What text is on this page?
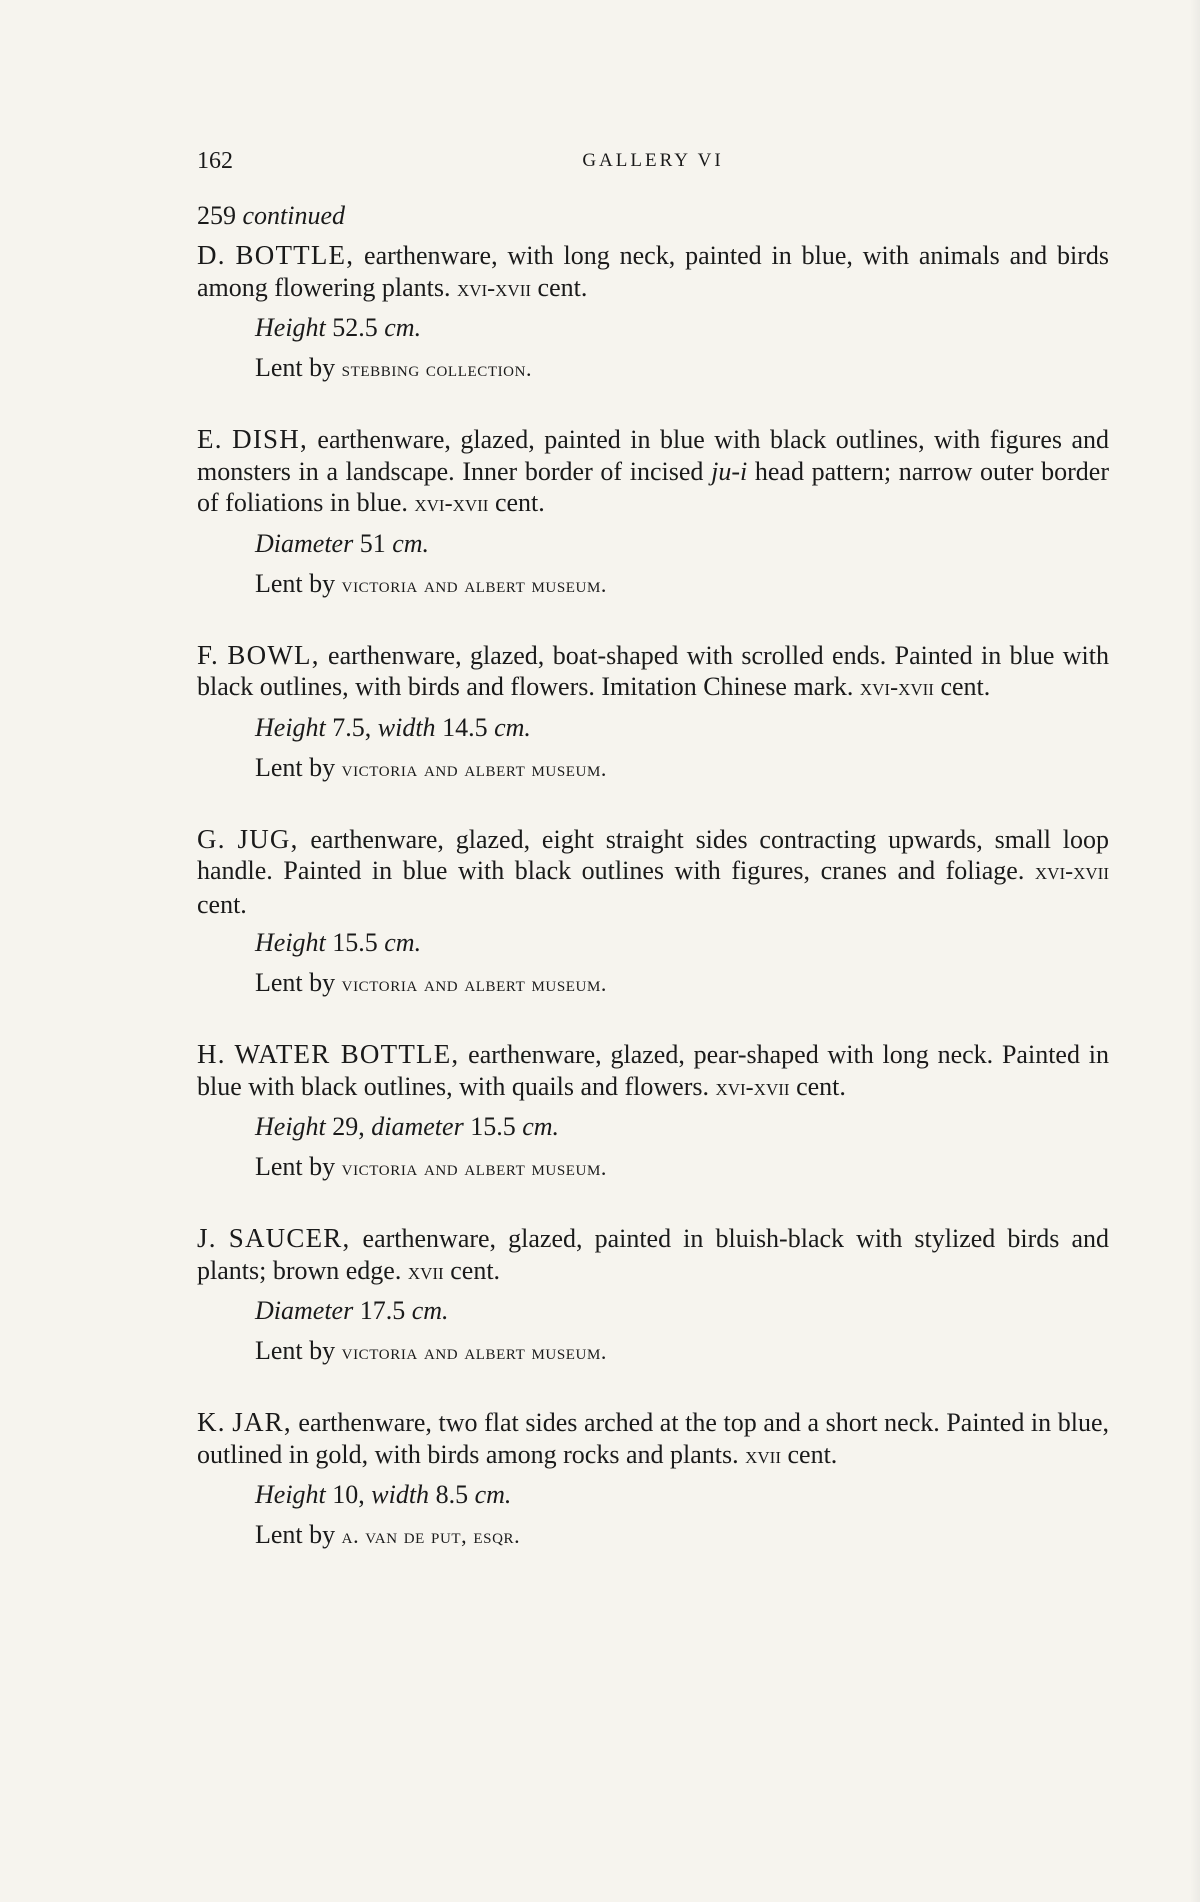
162	GALLERY VI
259 continued

D. BOTTLE, earthenware, with long neck, painted in blue, with animals and birds among flowering plants. xvi-xvii cent.

Height 52.5 cm.
Lent by stebbing collection.

E. DISH, earthenware, glazed, painted in blue with black outlines, with figures and monsters in a landscape. Inner border of incised ju-i head pattern; narrow outer border of foliations in blue. xvi-xvii cent.

Diameter 51 cm.
Lent by victoria and albert museum.

F. BOWL, earthenware, glazed, boat-shaped with scrolled ends. Painted in blue with black outlines, with birds and flowers. Imitation Chinese mark. xvi-xvii cent.

Height 7.5, width 14.5 cm.
Lent by victoria and albert museum.

G. JUG, earthenware, glazed, eight straight sides contracting upwards, small loop handle. Painted in blue with black outlines with figures, cranes and foliage. xvi-xvii cent.

Height 15.5 cm.
Lent by victoria and albert museum.

H. WATER BOTTLE, earthenware, glazed, pear-shaped with long neck. Painted in blue with black outlines, with quails and flowers. xvi-xvii cent.

Height 29, diameter 15.5 cm.
Lent by victoria and albert museum.

J. SAUCER, earthenware, glazed, painted in bluish-black with stylized birds and plants; brown edge. xvii cent.

Diameter 17.5 cm.
Lent by victoria and albert museum.

K. JAR, earthenware, two flat sides arched at the top and a short neck. Painted in blue, outlined in gold, with birds among rocks and plants. xvii cent.

Height 10, width 8.5 cm.
Lent by a. van de put, esqr.
